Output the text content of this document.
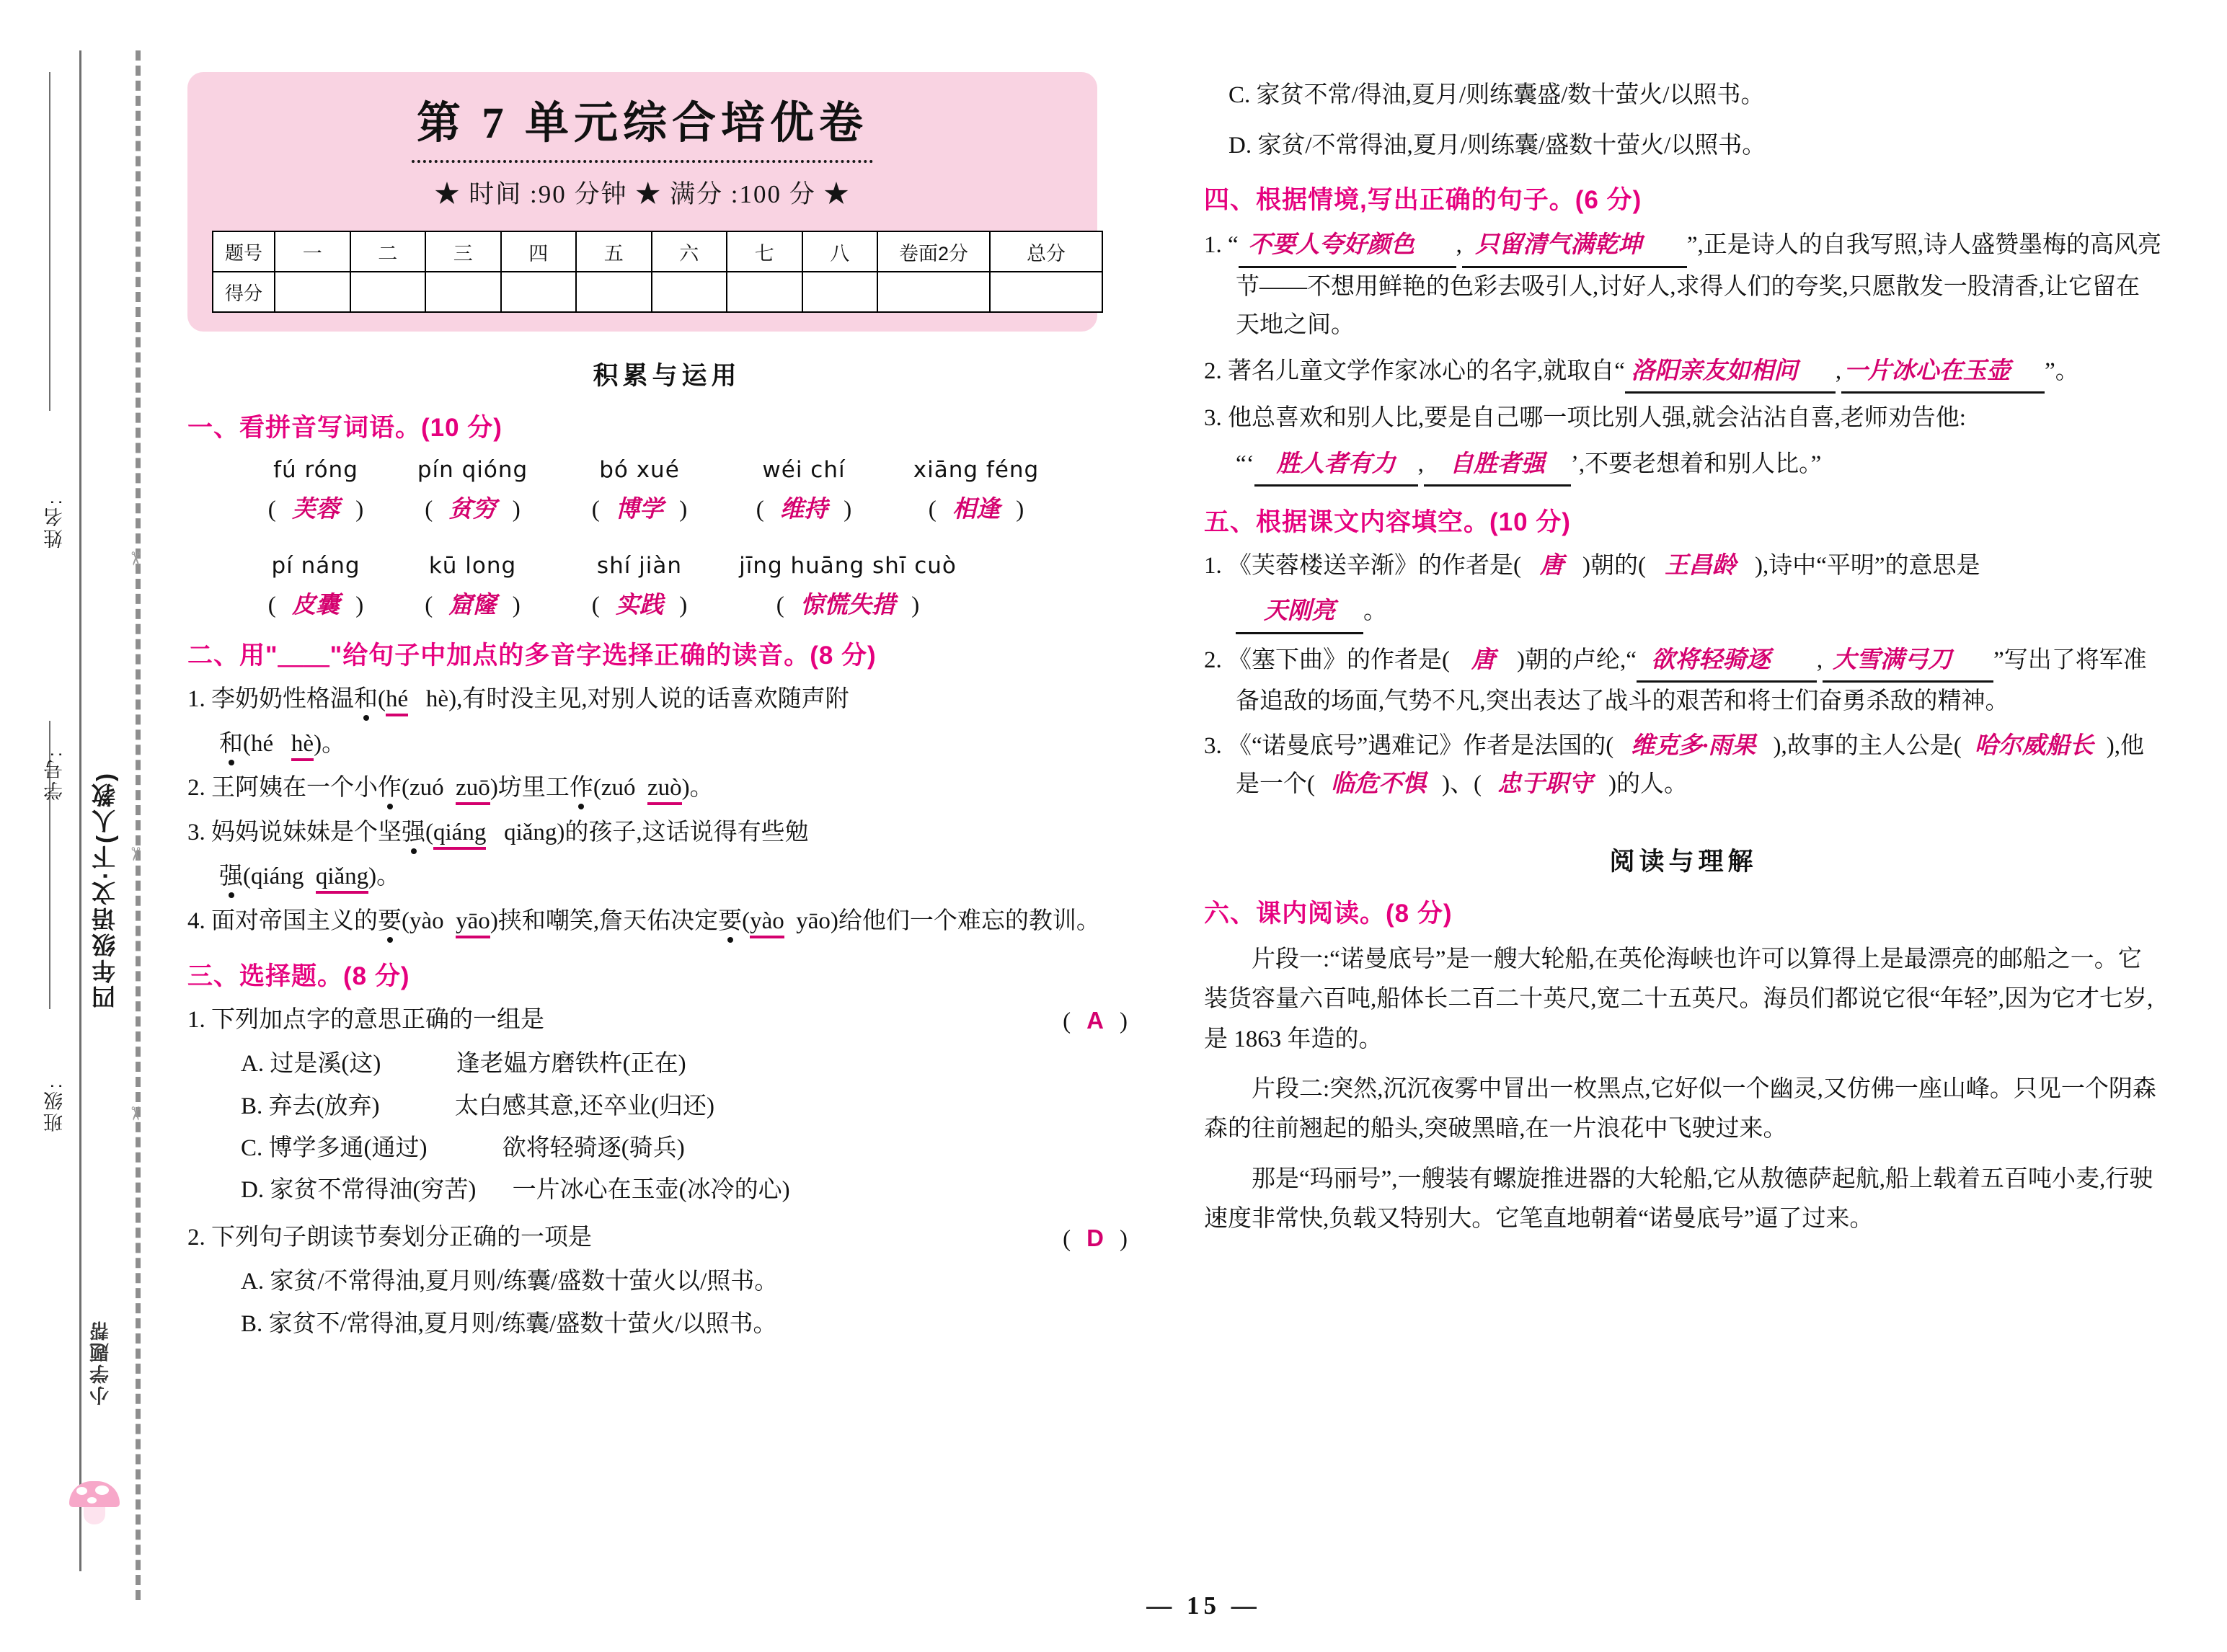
姓名:
学号:
班级:
四年级语文·下(人教)
小学题帮
✂
✂
✂
第 7 单元综合培优卷
★ 时间 :90 分钟 ★ 满分 :100 分 ★
题号	一	二	三	四	五	六	七	八	卷面2分	总分
得分										
积累与运用
一、看拼音写词语。(10 分)
fú róng
( 芙蓉 )
pín qióng
( 贫穷 )
bó xué
( 博学 )
wéi chí
( 维持 )
xiāng féng
( 相逢 )
pí náng
( 皮囊 )
kū long
( 窟窿 )
shí jiàn
( 实践 )
jīng huāng shī cuò
( 惊慌失措 )
二、用"＿＿"给句子中加点的多音字选择正确的读音。(8 分)
1. 李奶奶性格温和(hé hè),有时没主见,对别人说的话喜欢随声附
和(hé hè)。
2. 王阿姨在一个小作(zuó zuō)坊里工作(zuó zuò)。
3. 妈妈说妹妹是个坚强(qiáng qiǎng)的孩子,这话说得有些勉
强(qiáng qiǎng)。
4. 面对帝国主义的要(yào yāo)挟和嘲笑,詹天佑决定要(yào yāo)给他们一个难忘的教训。
三、选择题。(8 分)
( A )
1. 下列加点字的意思正确的一组是
A. 过是溪(这)	逢老媪方磨铁杵(正在)
B. 弃去(放弃)	太白感其意,还卒业(归还)
C. 博学多通(通过)	欲将轻骑逐(骑兵)
D. 家贫不常得油(穷苦) 一片冰心在玉壶(冰冷的心)
( D )
2. 下列句子朗读节奏划分正确的一项是
A. 家贫/不常得油,夏月则/练囊/盛数十萤火以/照书。
B. 家贫不/常得油,夏月则/练囊/盛数十萤火/以照书。
C. 家贫不常/得油,夏月/则练囊盛/数十萤火/以照书。
D. 家贫/不常得油,夏月/则练囊/盛数十萤火/以照书。
四、根据情境,写出正确的句子。(6 分)
1. “ 不要人夸好颜色 , 只留清气满乾坤 ”,正是诗人的自我写照,诗人盛赞墨梅的高风亮节——不想用鲜艳的色彩去吸引人,讨好人,求得人们的夸奖,只愿散发一股清香,让它留在天地之间。
2. 著名儿童文学作家冰心的名字,就取自“ 洛阳亲友如相问 , 一片冰心在玉壶 ”。
3. 他总喜欢和别人比,要是自己哪一项比别人强,就会沾沾自喜,老师劝告他:
“‘ 胜人者有力 , 自胜者强 ’,不要老想着和别人比。”
五、根据课文内容填空。(10 分)
1. 《芙蓉楼送辛渐》的作者是( 唐 )朝的( 王昌龄 ),诗中“平明”的意思是
天刚亮 。
2. 《塞下曲》的作者是( 唐 )朝的卢纶,“ 欲将轻骑逐 , 大雪满弓刀 ”写出了将军准备追敌的场面,气势不凡,突出表达了战斗的艰苦和将士们奋勇杀敌的精神。
3. 《“诺曼底号”遇难记》作者是法国的( 维克多·雨果 ),故事的主人公是( 哈尔威船长 ),他是一个( 临危不惧 )、( 忠于职守 )的人。
阅读与理解
六、课内阅读。(8 分)
片段一:“诺曼底号”是一艘大轮船,在英伦海峡也许可以算得上是最漂亮的邮船之一。它装货容量六百吨,船体长二百二十英尺,宽二十五英尺。海员们都说它很“年轻”,因为它才七岁,是 1863 年造的。
片段二:突然,沉沉夜雾中冒出一枚黑点,它好似一个幽灵,又仿佛一座山峰。只见一个阴森森的往前翘起的船头,突破黑暗,在一片浪花中飞驶过来。
那是“玛丽号”,一艘装有螺旋推进器的大轮船,它从敖德萨起航,船上载着五百吨小麦,行驶速度非常快,负载又特别大。它笔直地朝着“诺曼底号”逼了过来。
— 15 —
